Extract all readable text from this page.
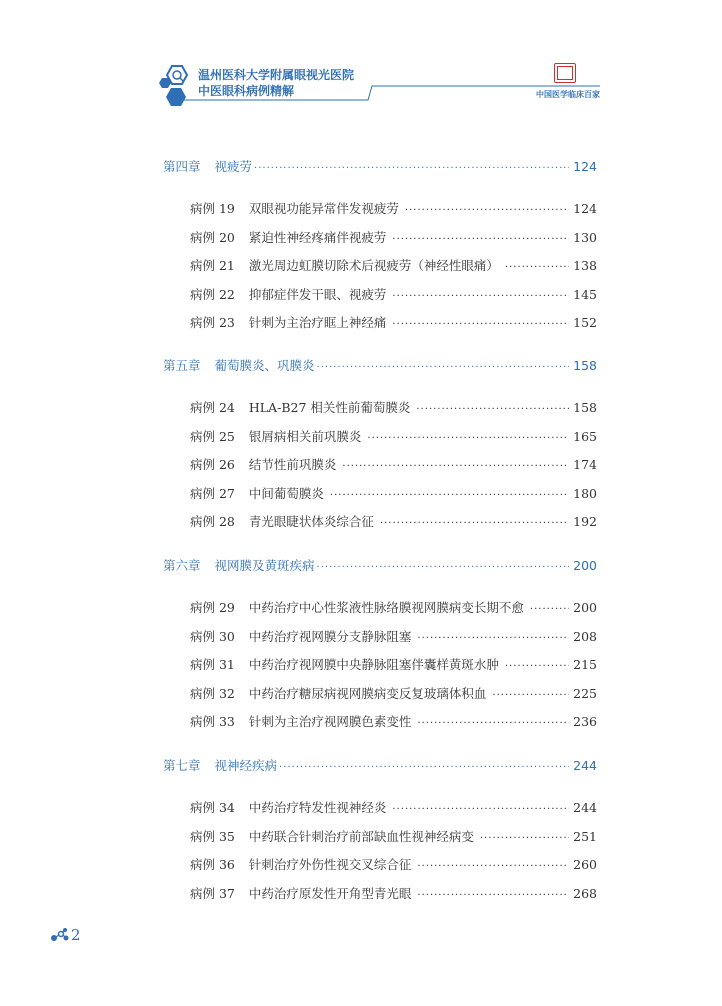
温州医科大学附属眼视光医院
中医眼科病例精解	中国医学临床百家
第四章 视疲劳 ·····	124
病例 19 双眼视功能异常伴发视疲劳 ·····	124
病例 20 紧迫性神经疼痛伴视疲劳 ·····	130
病例 21 激光周边虹膜切除术后视疲劳（神经性眼痛） ·····	138
病例 22 抑郁症伴发干眼、视疲劳 ·····	145
病例 23 针刺为主治疗眶上神经痛 ·····	152
第五章 葡萄膜炎、巩膜炎 ·····	158
病例 24 HLA-B27 相关性前葡萄膜炎 ·····	158
病例 25 银屑病相关前巩膜炎 ·····	165
病例 26 结节性前巩膜炎 ·····	174
病例 27 中间葡萄膜炎 ·····	180
病例 28 青光眼睫状体炎综合征 ·····	192
第六章 视网膜及黄斑疾病 ·····	200
病例 29 中药治疗中心性浆液性脉络膜视网膜病变长期不愈 ·····	200
病例 30 中药治疗视网膜分支静脉阻塞 ·····	208
病例 31 中药治疗视网膜中央静脉阻塞伴囊样黄斑水肿 ·····	215
病例 32 中药治疗糖尿病视网膜病变反复玻璃体积血 ·····	225
病例 33 针刺为主治疗视网膜色素变性 ·····	236
第七章 视神经疾病 ·····	244
病例 34 中药治疗特发性视神经炎 ·····	244
病例 35 中药联合针刺治疗前部缺血性视神经病变 ·····	251
病例 36 针刺治疗外伤性视交叉综合征 ·····	260
病例 37 中药治疗原发性开角型青光眼 ·····	268
2
